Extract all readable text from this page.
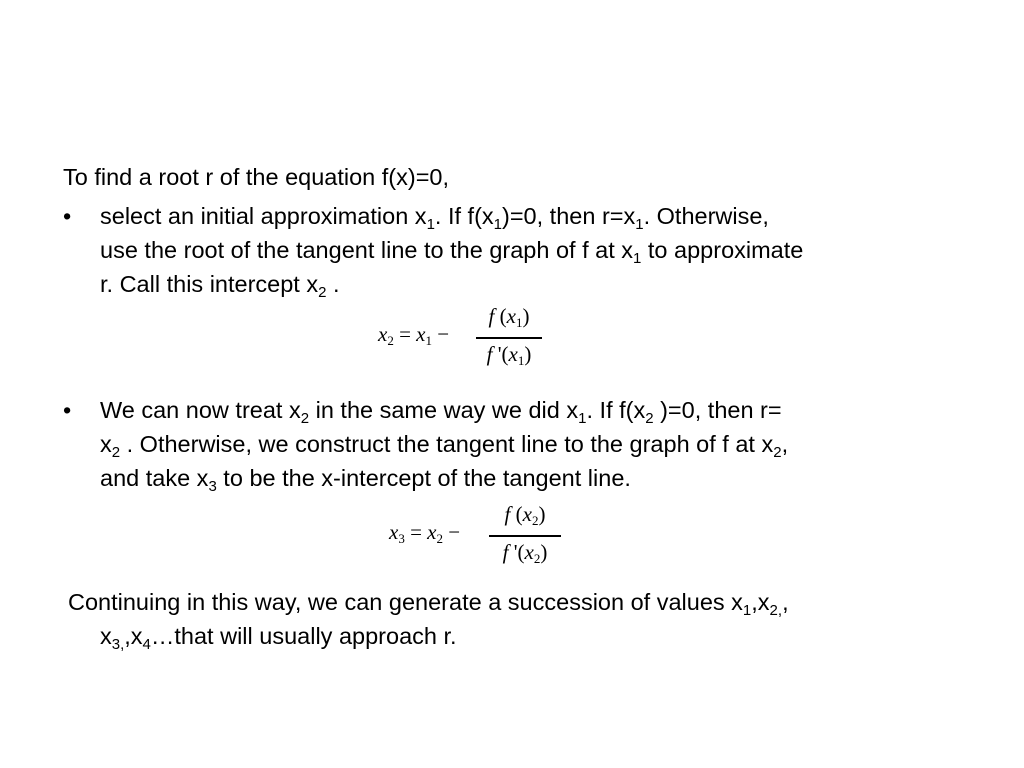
To find a root r of the equation f(x)=0,
• select an initial approximation $x_1$. If $f(x_1)=0$, then $r=x_1$. Otherwise,
use the root of the tangent line to the graph of f at $x_1$ to approximate
r. Call this intercept $x_2$ .
$x_2 = x_1$ −
f $(x_1)$
f '$(x_1)$
• We can now treat $x_2$ in the same way we did $x_1$. If $f(x_2$ )=0, then r=
$x_2$ . Otherwise, we construct the tangent line to the graph of f at $x_2$,
and take $x_3$ to be the x-intercept of the tangent line.
$x_3 = x_2$ −
f $(x_2)$
f '$(x_2)$
Continuing in this way, we can generate a succession of values $x_1,x_{2,}$,
$x_{3,},x_4\dots that$ will usually approach r.
